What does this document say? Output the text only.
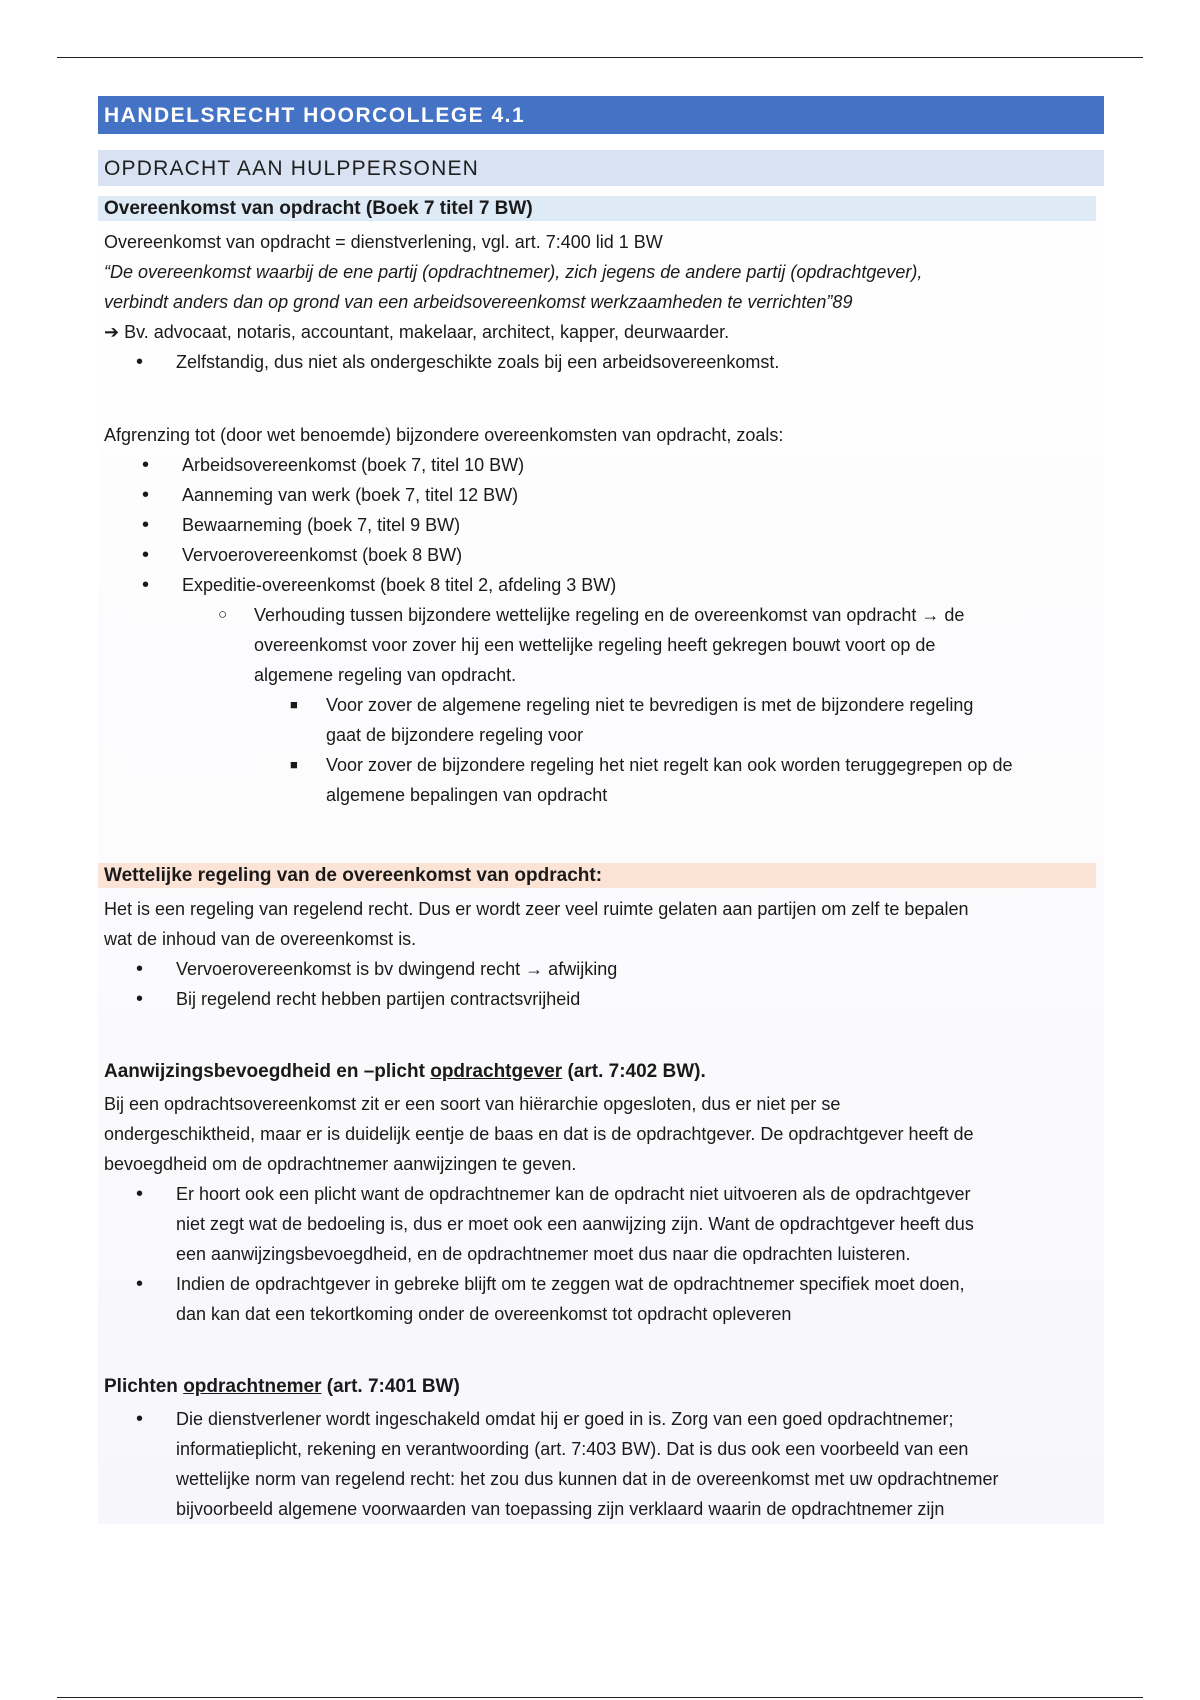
HANDELSRECHT HOORCOLLEGE 4.1
OPDRACHT AAN HULPPERSONEN
Overeenkomst van opdracht (Boek 7 titel 7 BW)

Overeenkomst van opdracht = dienstverlening, vgl. art. 7:400 lid 1 BW

“De overeenkomst waarbij de ene partij (opdrachtnemer), zich jegens de andere partij (opdrachtgever),

verbindt anders dan op grond van een arbeidsovereenkomst werkzaamheden te verrichten”89

➔ Bv. advocaat, notaris, accountant, makelaar, architect, kapper, deurwaarder.

• Zelfstandig, dus niet als ondergeschikte zoals bij een arbeidsovereenkomst.

Afgrenzing tot (door wet benoemde) bijzondere overeenkomsten van opdracht, zoals:

• Arbeidsovereenkomst (boek 7, titel 10 BW)
• Aanneming van werk (boek 7, titel 12 BW)
• Bewaarneming (boek 7, titel 9 BW)
• Vervoerovereenkomst (boek 8 BW)
• Expeditie-overeenkomst (boek 8 titel 2, afdeling 3 BW)
○ Verhouding tussen bijzondere wettelijke regeling en de overeenkomst van opdracht → de
overeenkomst voor zover hij een wettelijke regeling heeft gekregen bouwt voort op de
algemene regeling van opdracht.
■ Voor zover de algemene regeling niet te bevredigen is met de bijzondere regeling
gaat de bijzondere regeling voor
■ Voor zover de bijzondere regeling het niet regelt kan ook worden teruggegrepen op de
algemene bepalingen van opdracht
Wettelijke regeling van de overeenkomst van opdracht:

Het is een regeling van regelend recht. Dus er wordt zeer veel ruimte gelaten aan partijen om zelf te bepalen

wat de inhoud van de overeenkomst is.

• Vervoerovereenkomst is bv dwingend recht → afwijking
• Bij regelend recht hebben partijen contractsvrijheid
Aanwijzingsbevoegdheid en –plicht opdrachtgever (art. 7:402 BW).

Bij een opdrachtsovereenkomst zit er een soort van hiërarchie opgesloten, dus er niet per se

ondergeschiktheid, maar er is duidelijk eentje de baas en dat is de opdrachtgever. De opdrachtgever heeft de

bevoegdheid om de opdrachtnemer aanwijzingen te geven.

• Er hoort ook een plicht want de opdrachtnemer kan de opdracht niet uitvoeren als de opdrachtgever
niet zegt wat de bedoeling is, dus er moet ook een aanwijzing zijn. Want de opdrachtgever heeft dus
een aanwijzingsbevoegdheid, en de opdrachtnemer moet dus naar die opdrachten luisteren.
• Indien de opdrachtgever in gebreke blijft om te zeggen wat de opdrachtnemer specifiek moet doen,
dan kan dat een tekortkoming onder de overeenkomst tot opdracht opleveren
Plichten opdrachtnemer (art. 7:401 BW)
• Die dienstverlener wordt ingeschakeld omdat hij er goed in is. Zorg van een goed opdrachtnemer;
informatieplicht, rekening en verantwoording (art. 7:403 BW). Dat is dus ook een voorbeeld van een
wettelijke norm van regelend recht: het zou dus kunnen dat in de overeenkomst met uw opdrachtnemer
bijvoorbeeld algemene voorwaarden van toepassing zijn verklaard waarin de opdrachtnemer zijn
